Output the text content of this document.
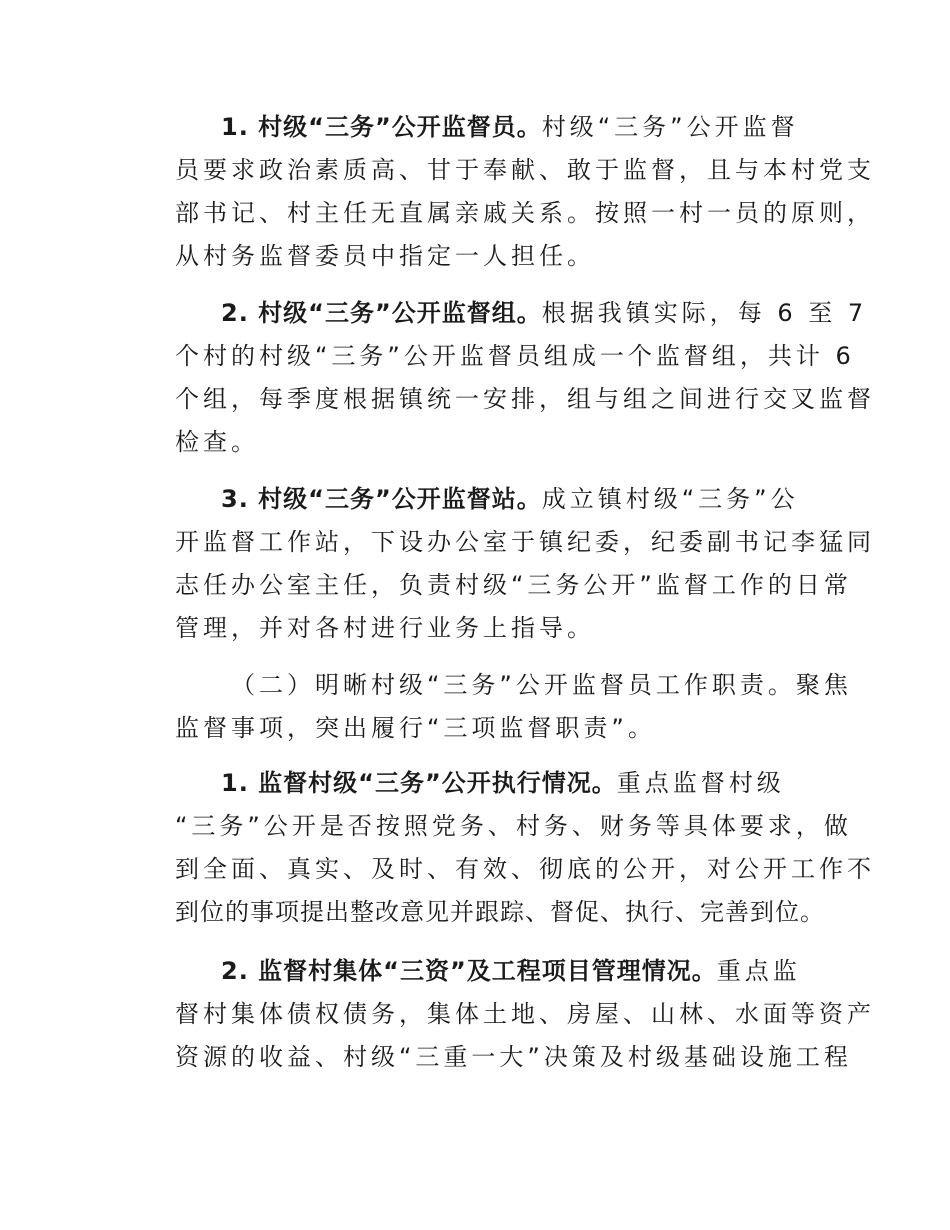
1. 村级“三务”公开监督员。村级“三务”公开监督
员要求政治素质高、甘于奉献、敢于监督，且与本村党支
部书记、村主任无直属亲戚关系。按照一村一员的原则，
从村务监督委员中指定一人担任。
2. 村级“三务”公开监督组。根据我镇实际，每 6 至 7
个村的村级“三务”公开监督员组成一个监督组，共计 6
个组，每季度根据镇统一安排，组与组之间进行交叉监督
检查。
3. 村级“三务”公开监督站。成立镇村级“三务”公
开监督工作站，下设办公室于镇纪委，纪委副书记李猛同
志任办公室主任，负责村级“三务公开”监督工作的日常
管理，并对各村进行业务上指导。
（二）明晰村级“三务”公开监督员工作职责。聚焦
监督事项，突出履行“三项监督职责”。
1. 监督村级“三务”公开执行情况。重点监督村级
“三务”公开是否按照党务、村务、财务等具体要求，做
到全面、真实、及时、有效、彻底的公开，对公开工作不
到位的事项提出整改意见并跟踪、督促、执行、完善到位。
2. 监督村集体“三资”及工程项目管理情况。重点监
督村集体债权债务，集体土地、房屋、山林、水面等资产
资源的收益、村级“三重一大”决策及村级基础设施工程
